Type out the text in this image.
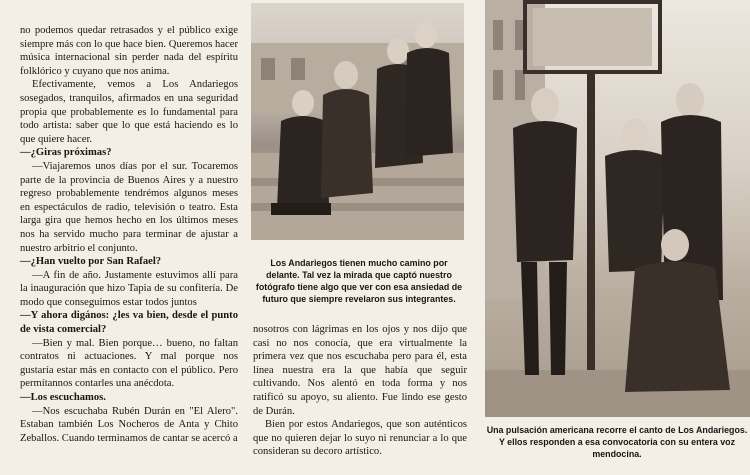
no podemos quedar retrasados y el público exige siempre más con lo que hace bien. Queremos hacer música internacional sin perder nada del espíritu folklórico y cuyano que nos anima.

Efectivamente, vemos a Los Andariegos sosegados, tranquilos, afirmados en una seguridad propia que probablemente es lo fundamental para todo artista: saber que lo que está haciendo es lo que quiere hacer.

—¿Giras próximas?

—Viajaremos unos días por el sur. Tocaremos parte de la provincia de Buenos Aires y a nuestro regreso probablemente tendrémos algunos meses en espectáculos de radio, televisión o teatro. Esta larga gira que hemos hecho en los últimos meses nos ha servido mucho para terminar de ajustar a nuestro arbitrio el conjunto.

—¿Han vuelto por San Rafael?

—A fin de año. Justamente estuvimos allí para la inauguración que hizo Tapia de su confitería. De modo que conseguimos estar todos juntos

—Y ahora digános: ¿les va bien, desde el punto de vista comercial?

—Bien y mal. Bien porque… bueno, no faltan contratos ni actuaciones. Y mal porque nos gustaría estar más en contacto con el público. Pero permítannos contarles una anécdota.

—Los escuchamos.

—Nos escuchaba Rubén Durán en "El Alero". Estaban también Los Nocheros de Anta y Chito Zeballos. Cuando terminamos de cantar se acercó a

Los Andariegos tienen mucho camino por delante. Tal vez la mirada que captó nuestro fotógrafo tiene algo que ver con esa ansiedad de futuro que siempre revelaron sus integrantes.

nosotros con lágrimas en los ojos y nos dijo que casi no nos conocía, que era virtualmente la primera vez que nos escuchaba pero para él, esta línea nuestra era la que había que seguir cultivando. Nos alentó en toda forma y nos ratificó su apoyo, su aliento. Fue lindo ese gesto de Durán.

Bien por estos Andariegos, que son auténticos que no quieren dejar lo suyo ni renunciar a lo que consideran su decoro artístico.

Una pulsación americana recorre el canto de Los Andariegos. Y ellos responden a esa convocatoria con su entera voz mendocina.
